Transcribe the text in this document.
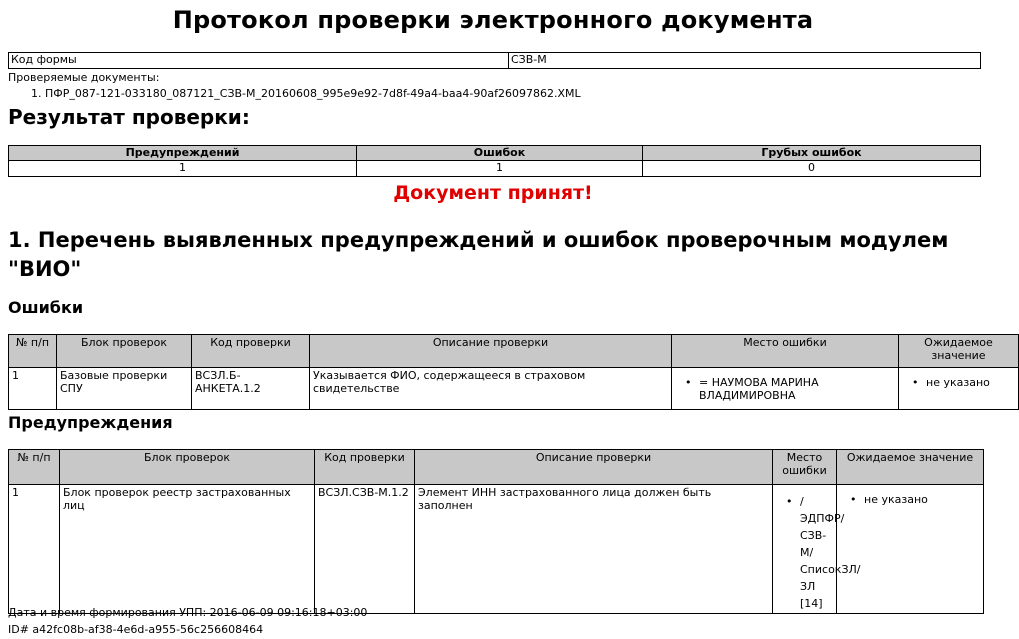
Протокол проверки электронного документа
Код формы	СЗВ-М
Проверяемые документы:
1. ПФР_087-121-033180_087121_СЗВ-М_20160608_995e9e92-7d8f-49a4-baa4-90af26097862.XML
Результат проверки:
Предупреждений	Ошибок	Грубых ошибок
1	1	0
Документ принят!
1. Перечень выявленных предупреждений и ошибок проверочным модулем "ВИО"
Ошибки
№ п/п	Блок проверок	Код проверки	Описание проверки	Место ошибки	Ожидаемое значение
1	Базовые проверки СПУ	ВСЗЛ.Б-АНКЕТА.1.2	Указывается ФИО, содержащееся в страховом свидетельстве	• = НАУМОВА МАРИНА ВЛАДИМИРОВНА	• не указано
Предупреждения
№ п/п	Блок проверок	Код проверки	Описание проверки	Место ошибки	Ожидаемое значение
1	Блок проверок реестр застрахованных лиц	ВСЗЛ.СЗВ-М.1.2	Элемент ИНН застрахованного лица должен быть заполнен	• / ЭДПФР/ СЗВ-М/ СписокЗЛ/ ЗЛ [14]	• не указано
Дата и время формирования УПП: 2016-06-09 09:16:18+03:00
ID# a42fc08b-af38-4e6d-a955-56c256608464
